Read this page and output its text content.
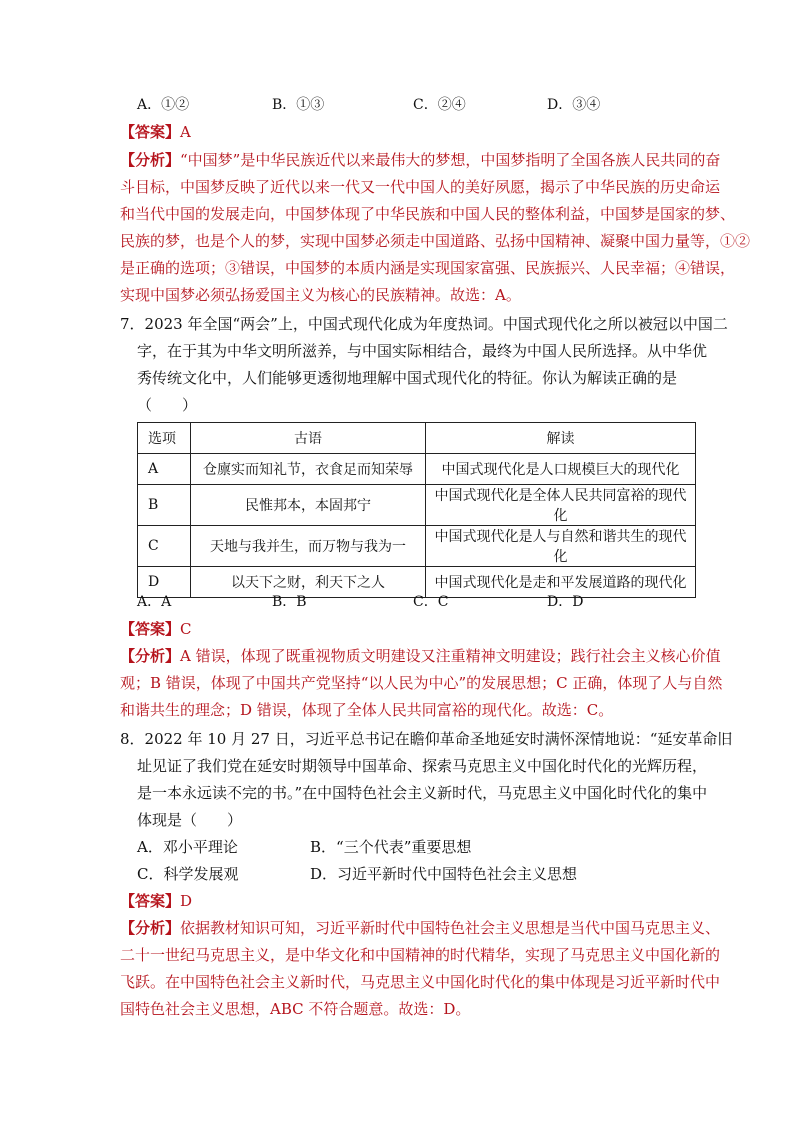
A．①②	B．①③	C．②④	D．③④
【答案】A
【分析】“中国梦”是中华民族近代以来最伟大的梦想，中国梦指明了全国各族人民共同的奋
斗目标，中国梦反映了近代以来一代又一代中国人的美好夙愿，揭示了中华民族的历史命运
和当代中国的发展走向，中国梦体现了中华民族和中国人民的整体利益，中国梦是国家的梦、
民族的梦，也是个人的梦，实现中国梦必须走中国道路、弘扬中国精神、凝聚中国力量等，①②
是正确的选项；③错误，中国梦的本质内涵是实现国家富强、民族振兴、人民幸福；④错误，
实现中国梦必须弘扬爱国主义为核心的民族精神。故选：A。
7．2023 年全国“两会”上，中国式现代化成为年度热词。中国式现代化之所以被冠以中国二
字，在于其为中华文明所滋养，与中国实际相结合，最终为中国人民所选择。从中华优
秀传统文化中，人们能够更透彻地理解中国式现代化的特征。你认为解读正确的是
（　　）
选项	古语	解读
A	仓廪实而知礼节，衣食足而知荣辱	中国式现代化是人口规模巨大的现代化
B	民惟邦本，本固邦宁	中国式现代化是全体人民共同富裕的现代化
C	天地与我并生，而万物与我为一	中国式现代化是人与自然和谐共生的现代化
D	以天下之财，利天下之人	中国式现代化是走和平发展道路的现代化
A．A	B．B	C．C	D．D
【答案】C
【分析】A 错误，体现了既重视物质文明建设又注重精神文明建设；践行社会主义核心价值
观；B 错误，体现了中国共产党坚持“以人民为中心”的发展思想；C 正确，体现了人与自然
和谐共生的理念；D 错误，体现了全体人民共同富裕的现代化。故选：C。
8．2022 年 10 月 27 日，习近平总书记在瞻仰革命圣地延安时满怀深情地说：“延安革命旧
址见证了我们党在延安时期领导中国革命、探索马克思主义中国化时代化的光辉历程，
是一本永远读不完的书。”在中国特色社会主义新时代，马克思主义中国化时代化的集中
体现是（　　）
A．邓小平理论	B．“三个代表”重要思想
C．科学发展观	D．习近平新时代中国特色社会主义思想
【答案】D
【分析】依据教材知识可知，习近平新时代中国特色社会主义思想是当代中国马克思主义、
二十一世纪马克思主义，是中华文化和中国精神的时代精华，实现了马克思主义中国化新的
飞跃。在中国特色社会主义新时代，马克思主义中国化时代化的集中体现是习近平新时代中
国特色社会主义思想，ABC 不符合题意。故选：D。
